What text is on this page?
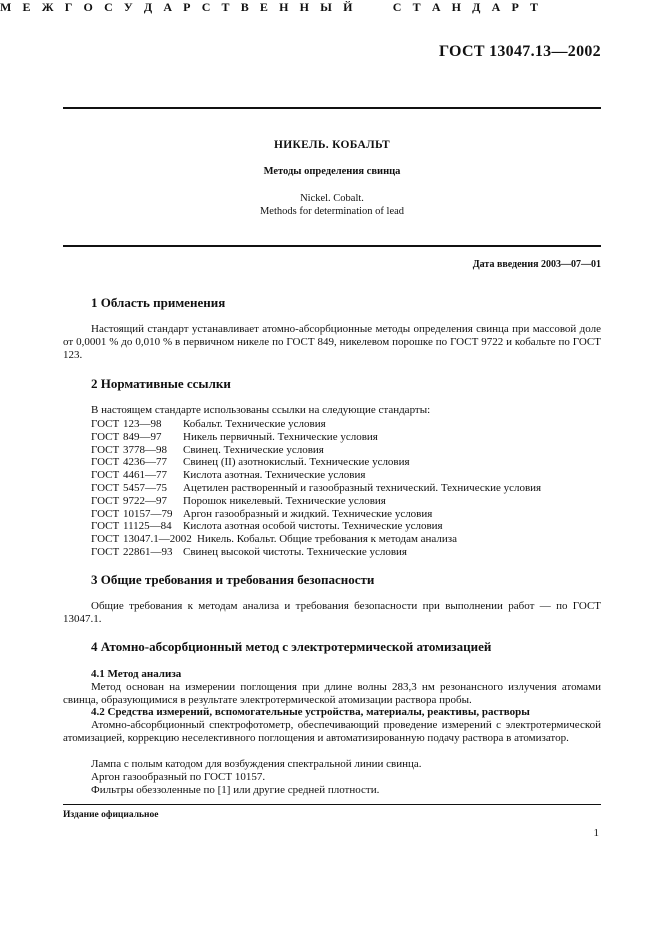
ГОСТ 13047.13—2002
М Е Ж Г О С У Д А Р С Т В Е Н Н Ы Й	С Т А Н Д А Р Т
НИКЕЛЬ. КОБАЛЬТ
Методы определения свинца
Nickel. Cobalt.
Methods for determination of lead
Дата введения 2003—07—01
1 Область применения

Настоящий стандарт устанавливает атомно-абсорбционные методы определения свинца при массовой доле от 0,0001 % до 0,010 % в первичном никеле по ГОСТ 849, никелевом порошке по ГОСТ 9722 и кобальте по ГОСТ 123.

2 Нормативные ссылки
В настоящем стандарте использованы ссылки на следующие стандарты:
ГОСТ 123—98	Кобальт. Технические условия
ГОСТ 849—97	Никель первичный. Технические условия
ГОСТ 3778—98	Свинец. Технические условия
ГОСТ 4236—77	Свинец (II) азотнокислый. Технические условия
ГОСТ 4461—77	Кислота азотная. Технические условия
ГОСТ 5457—75	Ацетилен растворенный и газообразный технический. Технические условия
ГОСТ 9722—97	Порошок никелевый. Технические условия
ГОСТ 10157—79 Аргон газообразный и жидкий. Технические условия
ГОСТ 11125—84	Кислота азотная особой чистоты. Технические условия
ГОСТ 13047.1—2002 Никель. Кобальт. Общие требования к методам анализа
ГОСТ 22861—93 Свинец высокой чистоты. Технические условия
3 Общие требования и требования безопасности

Общие требования к методам анализа и требования безопасности при выполнении работ — по ГОСТ 13047.1.

4 Атомно-абсорбционный метод с электротермической атомизацией
4.1 Метод анализа

Метод основан на измерении поглощения при длине волны 283,3 нм резонансного излучения атомами свинца, образующимися в результате электротермической атомизации раствора пробы.

4.2 Средства измерений, вспомогательные устройства, материалы, реактивы, растворы

Атомно-абсорбционный спектрофотометр, обеспечивающий проведение измерений с электротермической атомизацией, коррекцию неселективного поглощения и автоматизированную подачу раствора в атомизатор.

Лампа с полым катодом для возбуждения спектральной линии свинца.
Аргон газообразный по ГОСТ 10157.
Фильтры обеззоленные по [1] или другие средней плотности.
Издание официальное
1
